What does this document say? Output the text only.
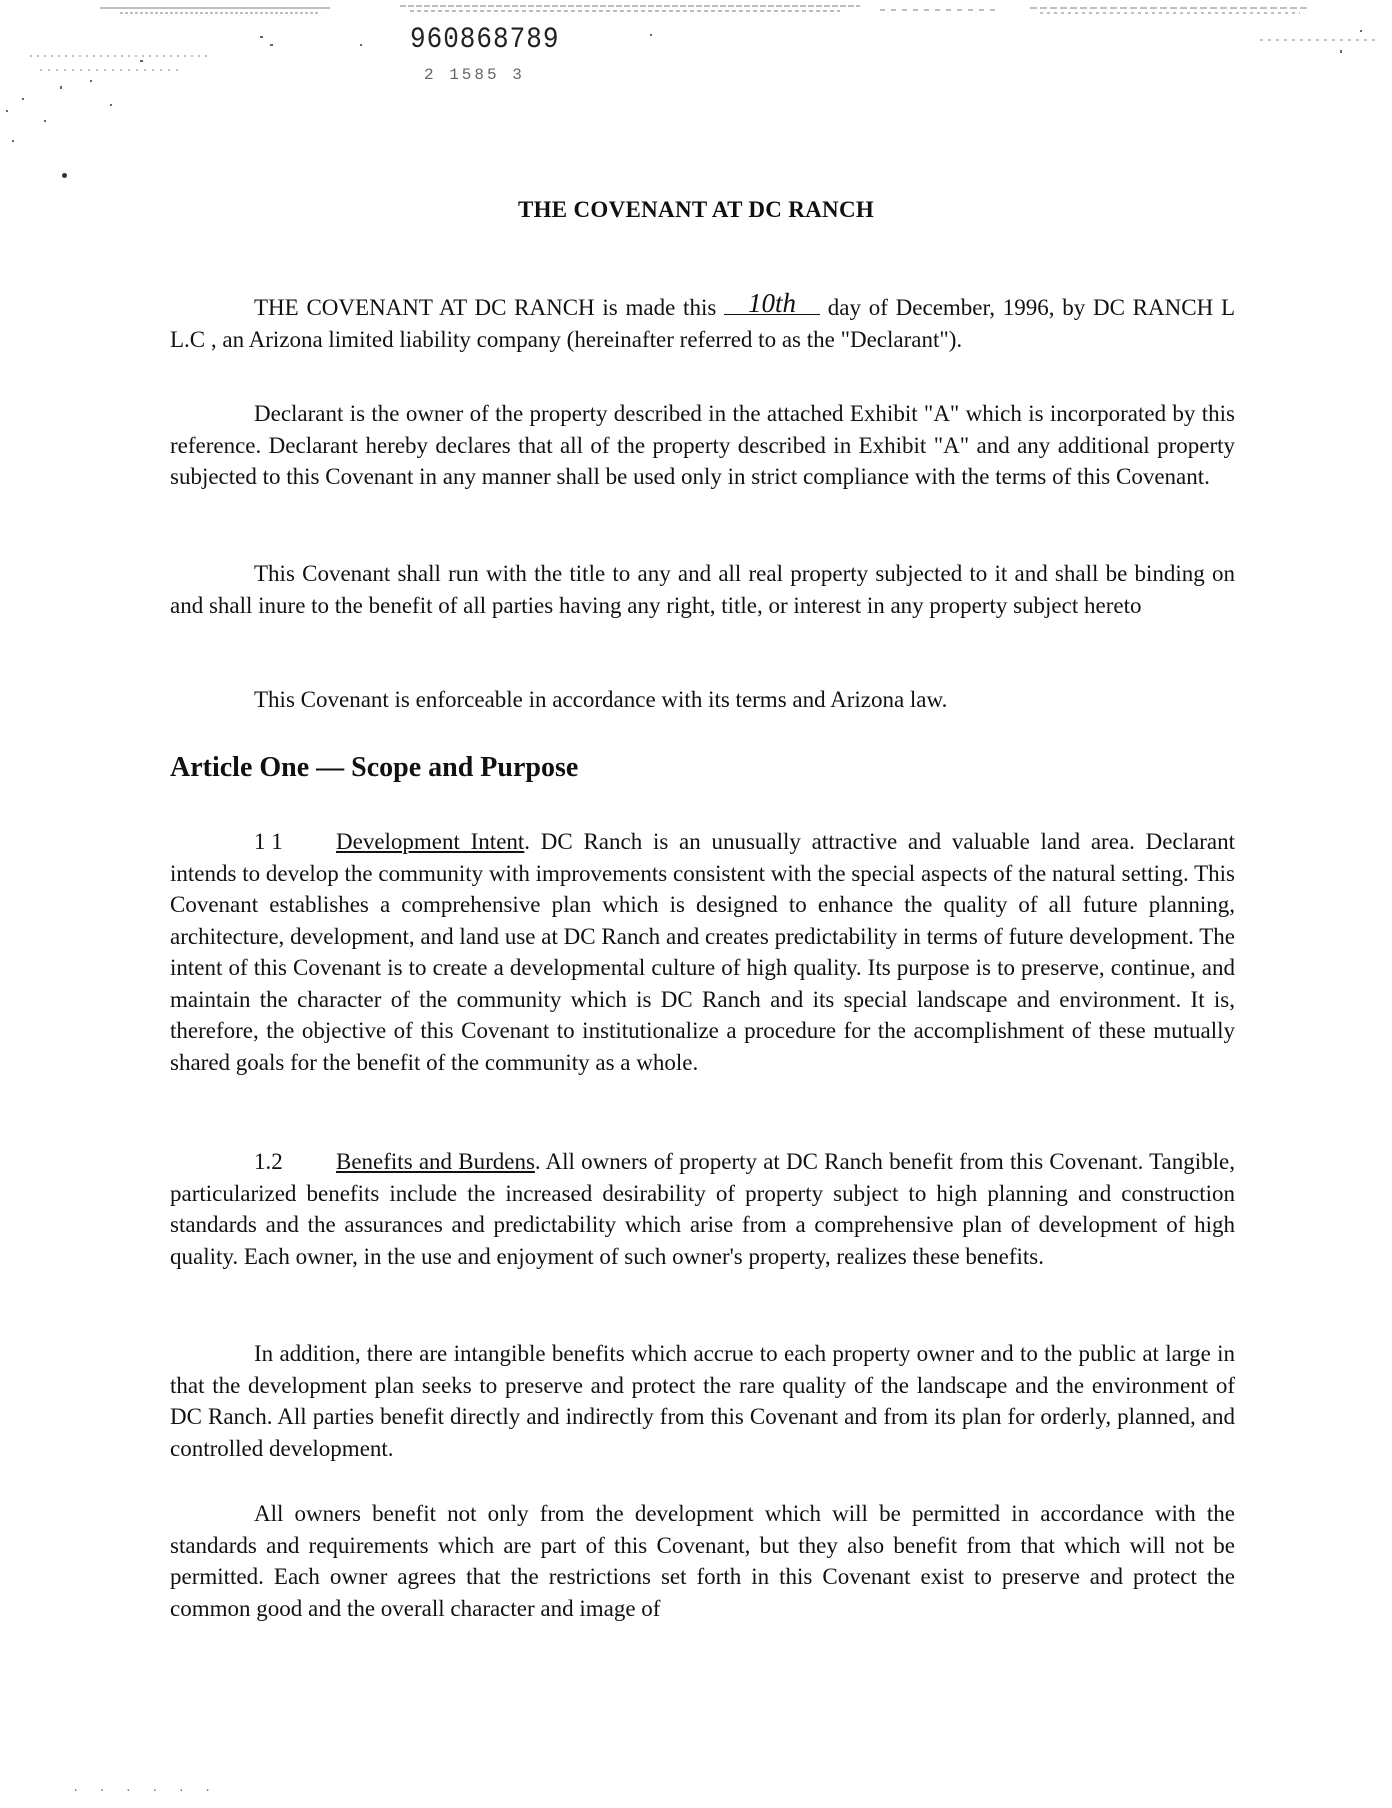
960868789
2 1585 3
THE COVENANT AT DC RANCH
THE COVENANT AT DC RANCH is made this 10th day of December, 1996, by DC RANCH L L.C , an Arizona limited liability company (hereinafter referred to as the "Declarant").
Declarant is the owner of the property described in the attached Exhibit "A" which is incorporated by this reference. Declarant hereby declares that all of the property described in Exhibit "A" and any additional property subjected to this Covenant in any manner shall be used only in strict compliance with the terms of this Covenant.
This Covenant shall run with the title to any and all real property subjected to it and shall be binding on and shall inure to the benefit of all parties having any right, title, or interest in any property subject hereto
This Covenant is enforceable in accordance with its terms and Arizona law.
Article One — Scope and Purpose
1 1 Development Intent. DC Ranch is an unusually attractive and valuable land area. Declarant intends to develop the community with improvements consistent with the special aspects of the natural setting. This Covenant establishes a comprehensive plan which is designed to enhance the quality of all future planning, architecture, development, and land use at DC Ranch and creates predictability in terms of future development. The intent of this Covenant is to create a developmental culture of high quality. Its purpose is to preserve, continue, and maintain the character of the community which is DC Ranch and its special landscape and environment. It is, therefore, the objective of this Covenant to institutionalize a procedure for the accomplishment of these mutually shared goals for the benefit of the community as a whole.
1.2 Benefits and Burdens. All owners of property at DC Ranch benefit from this Covenant. Tangible, particularized benefits include the increased desirability of property subject to high planning and construction standards and the assurances and predictability which arise from a comprehensive plan of development of high quality. Each owner, in the use and enjoyment of such owner's property, realizes these benefits.
In addition, there are intangible benefits which accrue to each property owner and to the public at large in that the development plan seeks to preserve and protect the rare quality of the landscape and the environment of DC Ranch. All parties benefit directly and indirectly from this Covenant and from its plan for orderly, planned, and controlled development.
All owners benefit not only from the development which will be permitted in accordance with the standards and requirements which are part of this Covenant, but they also benefit from that which will not be permitted. Each owner agrees that the restrictions set forth in this Covenant exist to preserve and protect the common good and the overall character and image of
. . . . . .
